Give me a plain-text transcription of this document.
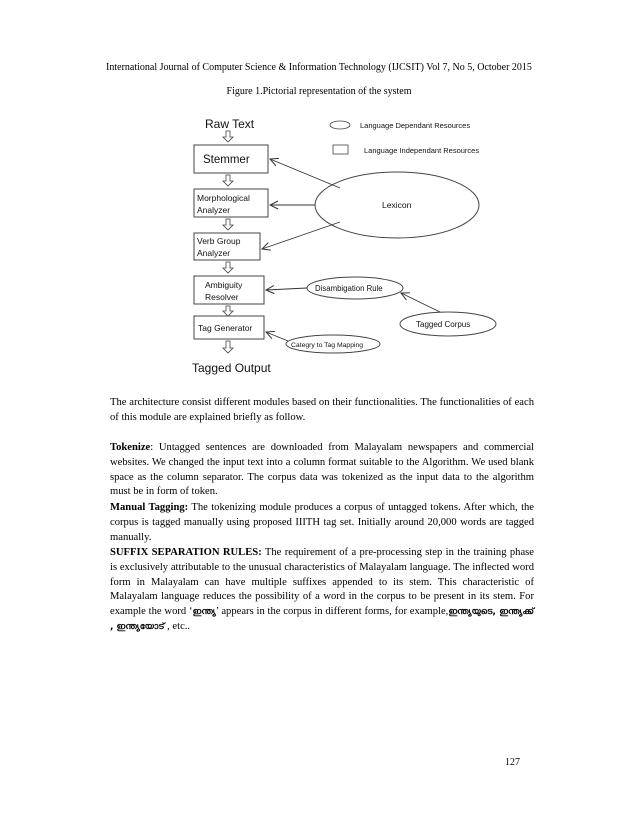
International Journal of Computer Science & Information Technology (IJCSIT) Vol 7, No 5, October 2015
Figure 1.Pictorial representation of the system
Raw Text
Stemmer
Morphological
Analyzer
Verb Group
Analyzer
Ambiguity
Resolver
Tag Generator
Tagged Output
Language Dependant Resources
Language Independant Resources
Lexicon
Disambigation Rule
Tagged Corpus
Categry to Tag Mapping

The architecture consist different modules based on their functionalities. The functionalities of each of this module are explained briefly as follow.

Tokenize: Untagged sentences are downloaded from Malayalam newspapers and commercial websites. We changed the input text into a column format suitable to the Algorithm. We used blank space as the column separator. The corpus data was tokenized as the input data to the algorithm must be in form of token.

Manual Tagging: The tokenizing module produces a corpus of untagged tokens. After which, the corpus is tagged manually using proposed IIITH tag set. Initially around 20,000 words are tagged manually.

SUFFIX SEPARATION RULES: The requirement of a pre-processing step in the training phase is exclusively attributable to the unusual characteristics of Malayalam language. The inflected word form in Malayalam can have multiple suffixes appended to its stem. This characteristic of Malayalam language reduces the possibility of a word in the corpus to be present in its stem. For example the word ‘ഇന്ത്യ’ appears in the corpus in different forms, for example,ഇന്ത്യയുടെ, ഇന്ത്യക്ക് , ഇന്ത്യയോട് , etc..

127
